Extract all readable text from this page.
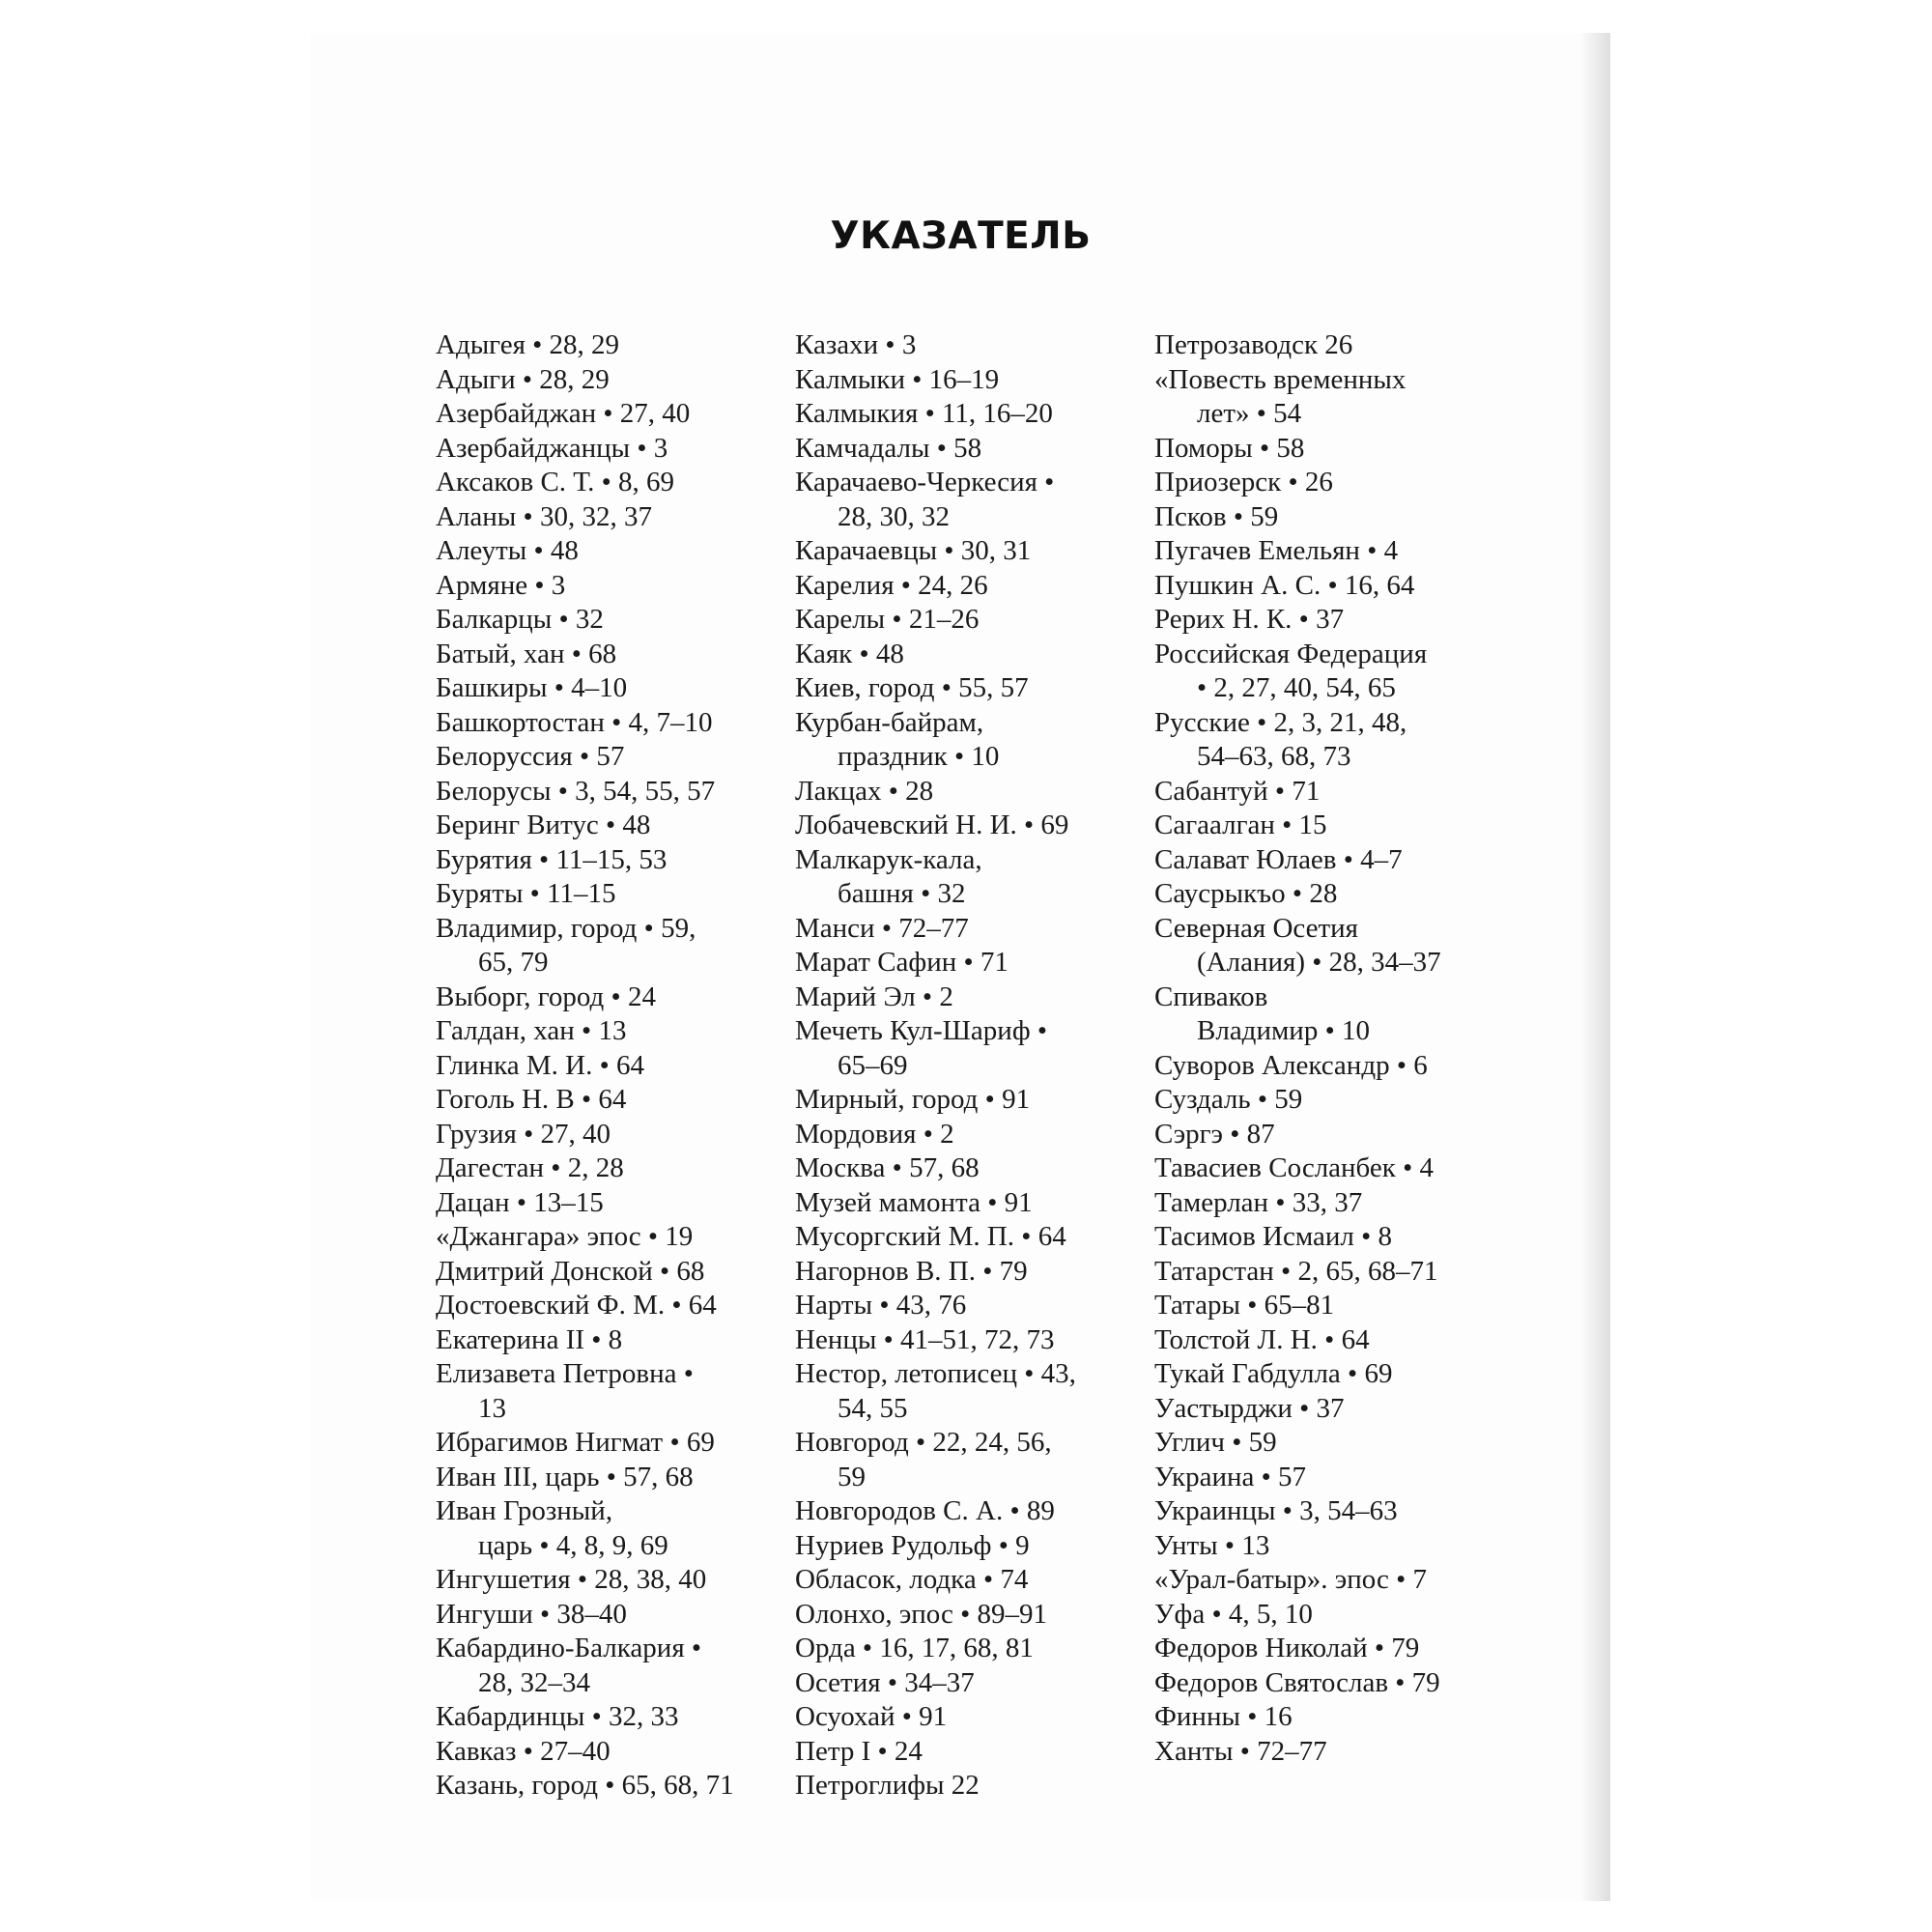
УКАЗАТЕЛЬ
Адыгея • 28, 29
Адыги • 28, 29
Азербайджан • 27, 40
Азербайджанцы • 3
Аксаков С. Т. • 8, 69
Аланы • 30, 32, 37
Алеуты • 48
Армяне • 3
Балкарцы • 32
Батый, хан • 68
Башкиры • 4–10
Башкортостан • 4, 7–10
Белоруссия • 57
Белорусы • 3, 54, 55, 57
Беринг Витус • 48
Бурятия • 11–15, 53
Буряты • 11–15
Владимир, город • 59,
65, 79
Выборг, город • 24
Галдан, хан • 13
Глинка М. И. • 64
Гоголь Н. В • 64
Грузия • 27, 40
Дагестан • 2, 28
Дацан • 13–15
«Джангара» эпос • 19
Дмитрий Донской • 68
Достоевский Ф. М. • 64
Екатерина II • 8
Елизавета Петровна •
13
Ибрагимов Нигмат • 69
Иван III, царь • 57, 68
Иван Грозный,
царь • 4, 8, 9, 69
Ингушетия • 28, 38, 40
Ингуши • 38–40
Кабардино-Балкария •
28, 32–34
Кабардинцы • 32, 33
Кавказ • 27–40
Казань, город • 65, 68, 71
Казахи • 3
Калмыки • 16–19
Калмыкия • 11, 16–20
Камчадалы • 58
Карачаево-Черкесия •
28, 30, 32
Карачаевцы • 30, 31
Карелия • 24, 26
Карелы • 21–26
Каяк • 48
Киев, город • 55, 57
Курбан-байрам,
праздник • 10
Лакцах • 28
Лобачевский Н. И. • 69
Малкарук-кала,
башня • 32
Манси • 72–77
Марат Сафин • 71
Марий Эл • 2
Мечеть Кул-Шариф •
65–69
Мирный, город • 91
Мордовия • 2
Москва • 57, 68
Музей мамонта • 91
Мусоргский М. П. • 64
Нагорнов В. П. • 79
Нарты • 43, 76
Ненцы • 41–51, 72, 73
Нестор, летописец • 43,
54, 55
Новгород • 22, 24, 56,
59
Новгородов С. А. • 89
Нуриев Рудольф • 9
Обласок, лодка • 74
Олонхо, эпос • 89–91
Орда • 16, 17, 68, 81
Осетия • 34–37
Осуохай • 91
Петр I • 24
Петроглифы 22
Петрозаводск 26
«Повесть временных
лет» • 54
Поморы • 58
Приозерск • 26
Псков • 59
Пугачев Емельян • 4
Пушкин А. С. • 16, 64
Рерих Н. К. • 37
Российская Федерация
• 2, 27, 40, 54, 65
Русские • 2, 3, 21, 48,
54–63, 68, 73
Сабантуй • 71
Сагаалган • 15
Салават Юлаев • 4–7
Саусрыкъо • 28
Северная Осетия
(Алания) • 28, 34–37
Спиваков
Владимир • 10
Суворов Александр • 6
Суздаль • 59
Сэргэ • 87
Тавасиев Сосланбек • 4
Тамерлан • 33, 37
Тасимов Исмаил • 8
Татарстан • 2, 65, 68–71
Татары • 65–81
Толстой Л. Н. • 64
Тукай Габдулла • 69
Уастырджи • 37
Углич • 59
Украина • 57
Украинцы • 3, 54–63
Унты • 13
«Урал-батыр». эпос • 7
Уфа • 4, 5, 10
Федоров Николай • 79
Федоров Святослав • 79
Финны • 16
Ханты • 72–77
